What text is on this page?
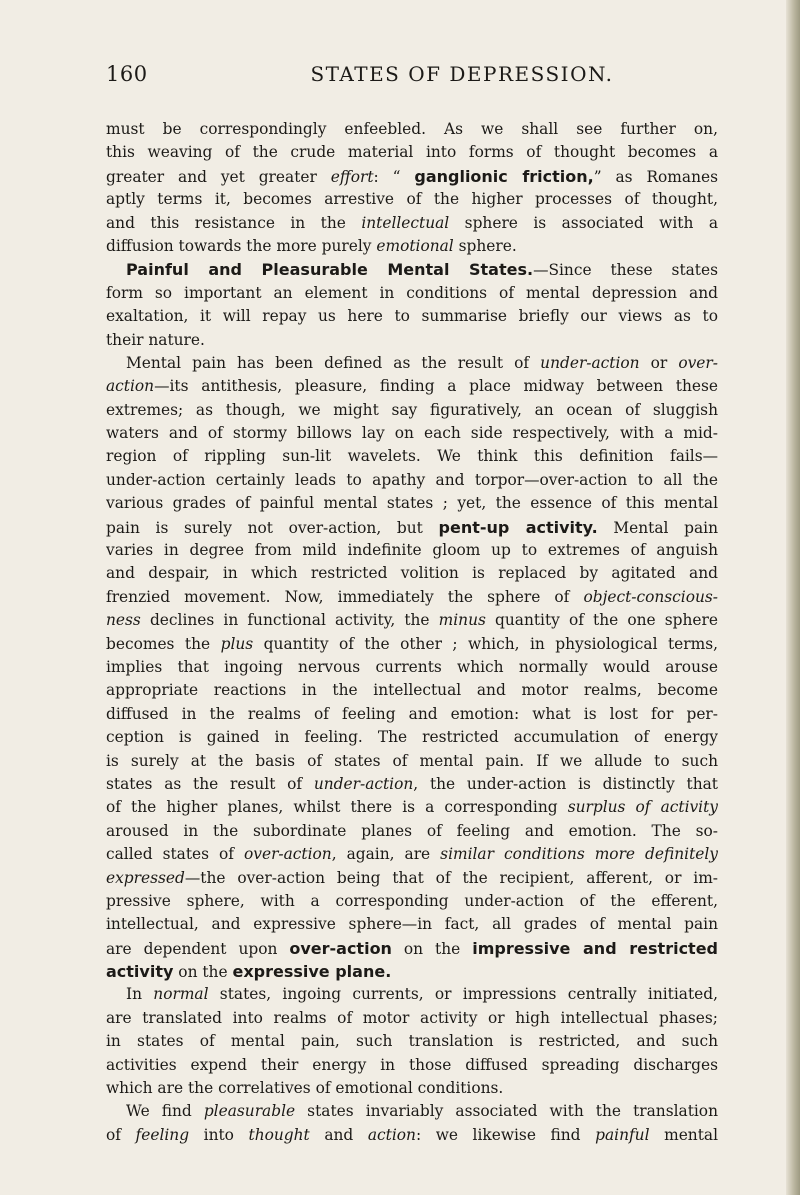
160	STATES OF DEPRESSION.
must be correspondingly enfeebled. As we shall see further on,
this weaving of the crude material into forms of thought becomes a
greater and yet greater effort: “ ganglionic friction,” as Romanes
aptly terms it, becomes arrestive of the higher processes of thought,
and this resistance in the intellectual sphere is associated with a
diffusion towards the more purely emotional sphere.
Painful and Pleasurable Mental States.—Since these states
form so important an element in conditions of mental depression and
exaltation, it will repay us here to summarise briefly our views as to
their nature.
Mental pain has been defined as the result of under-action or over-
action—its antithesis, pleasure, finding a place midway between these
extremes; as though, we might say figuratively, an ocean of sluggish
waters and of stormy billows lay on each side respectively, with a mid-
region of rippling sun-lit wavelets. We think this definition fails—
under-action certainly leads to apathy and torpor—over-action to all the
various grades of painful mental states ; yet, the essence of this mental
pain is surely not over-action, but pent-up activity. Mental pain
varies in degree from mild indefinite gloom up to extremes of anguish
and despair, in which restricted volition is replaced by agitated and
frenzied movement. Now, immediately the sphere of object-conscious-
ness declines in functional activity, the minus quantity of the one sphere
becomes the plus quantity of the other ; which, in physiological terms,
implies that ingoing nervous currents which normally would arouse
appropriate reactions in the intellectual and motor realms, become
diffused in the realms of feeling and emotion: what is lost for per-
ception is gained in feeling. The restricted accumulation of energy
is surely at the basis of states of mental pain. If we allude to such
states as the result of under-action, the under-action is distinctly that
of the higher planes, whilst there is a corresponding surplus of activity
aroused in the subordinate planes of feeling and emotion. The so-
called states of over-action, again, are similar conditions more definitely
expressed—the over-action being that of the recipient, afferent, or im-
pressive sphere, with a corresponding under-action of the efferent,
intellectual, and expressive sphere—in fact, all grades of mental pain
are dependent upon over-action on the impressive and restricted
activity on the expressive plane.
In normal states, ingoing currents, or impressions centrally initiated,
are translated into realms of motor activity or high intellectual phases;
in states of mental pain, such translation is restricted, and such
activities expend their energy in those diffused spreading discharges
which are the correlatives of emotional conditions.
We find pleasurable states invariably associated with the translation
of feeling into thought and action: we likewise find painful mental
